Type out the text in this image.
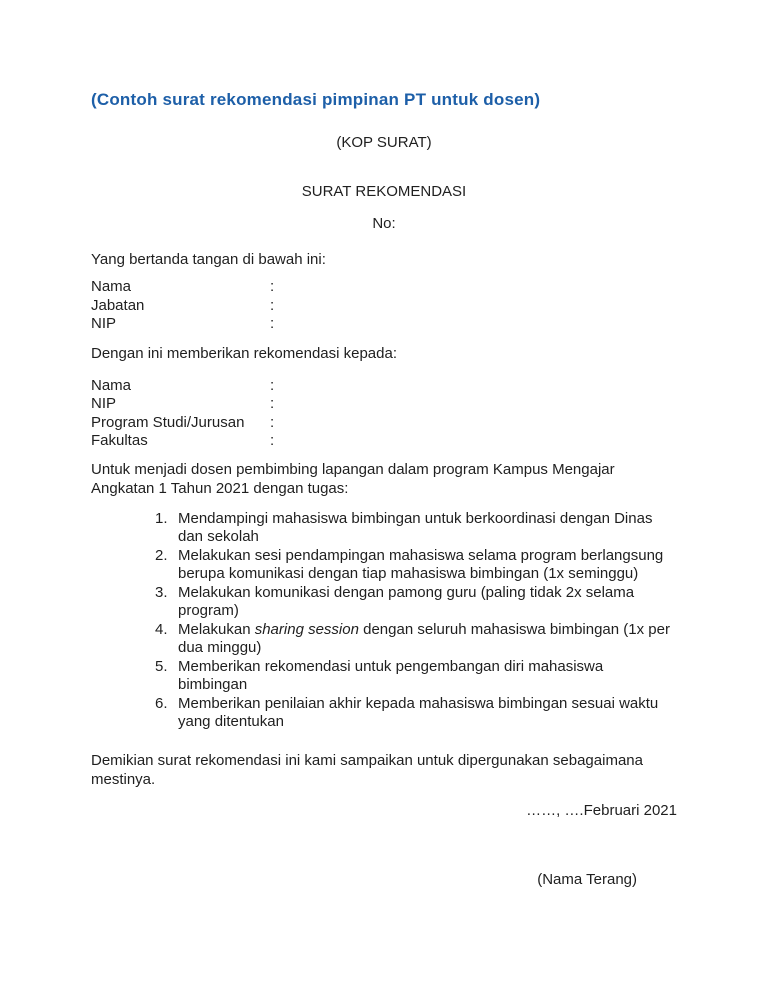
(Contoh surat rekomendasi pimpinan PT untuk dosen)
(KOP SURAT)
SURAT REKOMENDASI
No:
Yang bertanda tangan di bawah ini:
Nama	:
Jabatan	:
NIP	:
Dengan ini memberikan rekomendasi kepada:
Nama	:
NIP	:
Program Studi/Jurusan	:
Fakultas	:
Untuk menjadi dosen pembimbing lapangan dalam program Kampus Mengajar
Angkatan 1 Tahun 2021 dengan tugas:
1. Mendampingi mahasiswa bimbingan untuk berkoordinasi dengan Dinas
dan sekolah
2. Melakukan sesi pendampingan mahasiswa selama program berlangsung
berupa komunikasi dengan tiap mahasiswa bimbingan (1x seminggu)
3. Melakukan komunikasi dengan pamong guru (paling tidak 2x selama
program)
4. Melakukan sharing session dengan seluruh mahasiswa bimbingan (1x per
dua minggu)
5. Memberikan rekomendasi untuk pengembangan diri mahasiswa
bimbingan
6. Memberikan penilaian akhir kepada mahasiswa bimbingan sesuai waktu
yang ditentukan
Demikian surat rekomendasi ini kami sampaikan untuk dipergunakan sebagaimana
mestinya.
……, ….Februari 2021
(Nama Terang)
